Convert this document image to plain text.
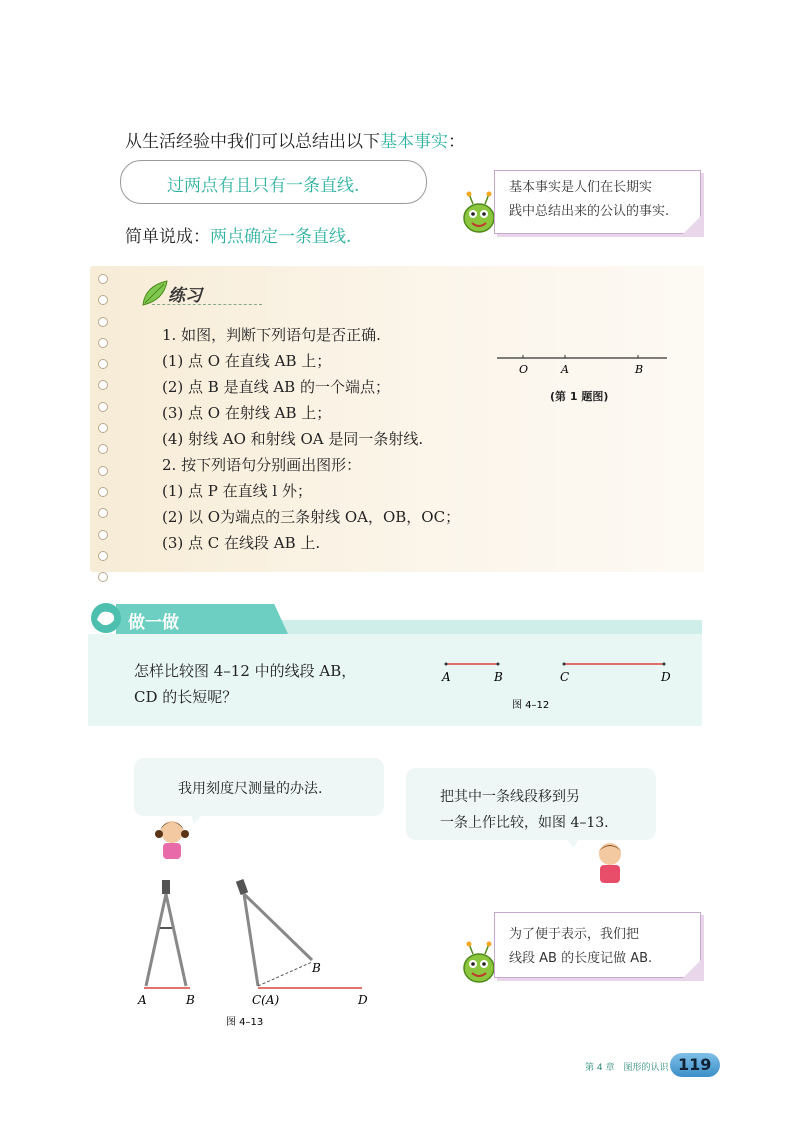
从生活经验中我们可以总结出以下基本事实：
过两点有且只有一条直线.
简单说成：两点确定一条直线.
基本事实是人们在长期实
践中总结出来的公认的事实.
练习
1. 如图，判断下列语句是否正确.
(1) 点 O 在直线 AB 上；
(2) 点 B 是直线 AB 的一个端点；
(3) 点 O 在射线 AB 上；
(4) 射线 AO 和射线 OA 是同一条射线.
2. 按下列语句分别画出图形：
(1) 点 P 在直线 l 外；
(2) 以 O为端点的三条射线 OA，OB，OC；
(3) 点 C 在线段 AB 上.
O	A	B
(第 1 题图)
做一做
怎样比较图 4–12 中的线段 AB，
CD 的长短呢？
A	B	C	D
图 4–12
我用刻度尺测量的办法.	把其中一条线段移到另
一条上作比较，如图 4–13.
A	B	C(A)
B
D
图 4–13
为了便于表示，我们把
线段 AB 的长度记做 AB.
第 4 章　图形的认识 119
